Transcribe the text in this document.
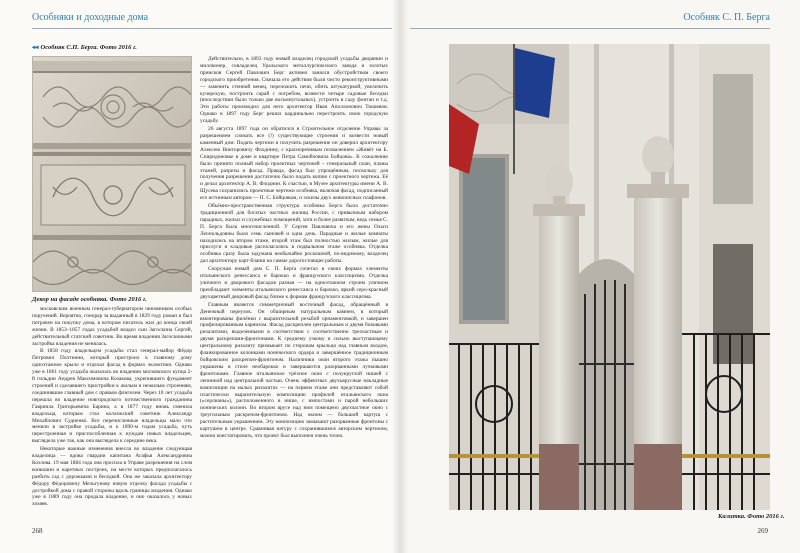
Особняки и доходные дома
◂◂ Особняк С.П. Берга. Фото 2016 г.
Декор на фасаде особняка. Фото 2016 г.

московским военным генерал-губернатором чиновником особых поручений. Вероятно, гонорар за выданный в 1829 году роман и был потрачен на покупку дома, в котором писатель жил до конца своей жизни. В 1853–1857 годах усадьбой владел сын Загоскина Сергей, действительный статский советник. Во время владения Загоскиными застройка владения не менялась.

В 1858 году владельцем усадьбы стал генерал-майор Фёдор Петрович Полтинин, который пристроил к главному дому одноэтажное крыло и отделал фасад в формах эклектики. Однако уже в 1861 году усадьба оказалась во владении московского купца 2-й гильдии Андрея Максимовича Козакова, укрепившего фундамент строений и сделавшего пристройки к жилым и нежилым строениям, соединившие главный дом с правым флигелем. Через 10 лет усадьба перешла во владение новгородского потомственного гражданина Гавриила Григорьевича Барина, а в 1877 году вновь сменила владельца, которым стал коллежский советник Александр Михайлович Судиенко. Все перечисленные владельцы мало что меняли в застройке усадьбы, и к 1890-м годам усадьба, чуть перестроенная и приспособленная к нуждам новых владельцев, выглядела уже так, как она выглядела к середине века.

Некоторые важные изменения внесла во владение следующая владелица — вдова гвардии капитана Агафья Александровна Козлова. 19 мая 1884 года она просила в Управе разрешения на слом конюшни и каретных построек, на месте которых предполагалось разбить сад с дорожками и беседкой. Она же заказала архитектору Фёдору Фёдоровичу Мельгунову новую отделку фасада усадьбы с достройкой дома с правой стороны вдоль границы владения. Однако уже в 1889 году она продала владение, и оно оказалось у новых хозяев.

Действительно, в 1893 году новый владелец городской усадьбы дворянин и миллионер, совладелец Уральского металлургического завода и золотых приисков Сергей Павлович Берг активно занялся обустройством своего городского приобретения. Сначала его действия были чисто реконструктивными — заменить стенной венец, переложить печи, обить штукатуркой, увеличить кучерскую, построить сарай с погребом, возвести четыре садовые беседки (впоследствии было только две восьмиугольных), устроить в саду фонтан и т.д. Эти работы производил для него архитектор Иван Аполлонович Тюшевов. Однако в 1897 году Берг решил кардинально перестроить свою городскую усадьбу.

26 августа 1897 года он обратился в Строительное отделение Управы за разрешением сломать все (!) существующие строения и возвести новый каменный дом. Подать чертежи и получить разрешение он доверил архитектору Алексею Викторовичу Флоднину, с красноречивым похвалением «Живёт на Б. Спиридоновке в доме и квартире Петра Самойловича Бойцова». К сожалению было принято полный набор проектных чертежей – генеральный план, планы этажей, разрезы и фасад. Правда, фасад был упрощённым, поскольку для получения разрешения достаточно было подать копию с проектного чертежа. Её и делал архитектор А. В. Флоднин. К счастью, в Музее архитектуры имени А. В. Щусева сохранились проектные чертежи особняка, включая фасад, подписанный его истинным автором — П. С. Бойцовым, и эскизы двух живописных плафонов.

Объёмно-пространственная структура особняка Берга была достаточно традиционной для богатых частных жилищ России, с привычным набором парадных, жилых и служебных помещений, хотя и более развитым, ведь семья С. П. Берга была многочисленной. У Сергея Павловича и его жены Ольги Леопольдовны было семь сыновей и одна дочь. Парадные и жилые комнаты находились на втором этаже, второй этаж был полностью жилым, жилые для прислуги и кладовые располагались в подвальном этаже особняка. Отделка особняка сразу была задумана необычайно роскошной, по-видимому, владелец дал архитектору карт-бланш на самые дорогостоящие работы.

Сооружая новый дом С. П. Берга сочетал в своих формах элементы итальянского ренессанса и барокко и французского классицизма. Отделка уличного и дворового фасадов разная — на одноэтажном строим уличном преобладают элементы итальянского ренессанса и барокко, яркий серо-красный двухцветный дворовый фасад ближе к формам французского классицизма.

Главным является симметричный восточный фасад, обращённый в Денежный переулок. Он обширным натуральным камнем, в который вмонтированы филёнки с выразительной резьбой орнаментовкой, и завершен профилированным карнизом. Фасад раскреплен центральным и двумя боковыми ризалитами, выделенными в соответствии с соответственно трехчастным и двумя раскрепами-фронтонами. К среднему узкому и сильно выступающему центральному ризалиту примыкает по сторонам крыльцо над главным входом, фланкированное колонками ионического ордера и завершённое традиционным бойцовским раскрепом-фронтоном. Наличники окон второго этажа пышно украшены в стиле необарокко и завершаются разорванными лучковыми фронтонами. Главное итальянское трёхное окно с полукруглой нишей с лепниной над центральной частью. Очень эффектных двухъярусные накладные композиции на малых ризалитах — на первом этаже они представляют собой пластически выразительную композицию профилей итальянского окна («серлианы»), расположенного в нише, с импостами и парой небольших ионических колонн. Во втором ярусе над ним помещено двухчастное окно с треугольным раскрепом-фронтоном. Над окном — большой картуш с растительным украшением. Эту композицию замыкают разорванные фронтоны с картушем в центре. Сравнивая натуру с сохранившимся авторским чертежом, можно констатировать, что проект был выполнен очень точно.

268
Особняк С. П. Берга
269
Калитка. Фото 2016 г.
